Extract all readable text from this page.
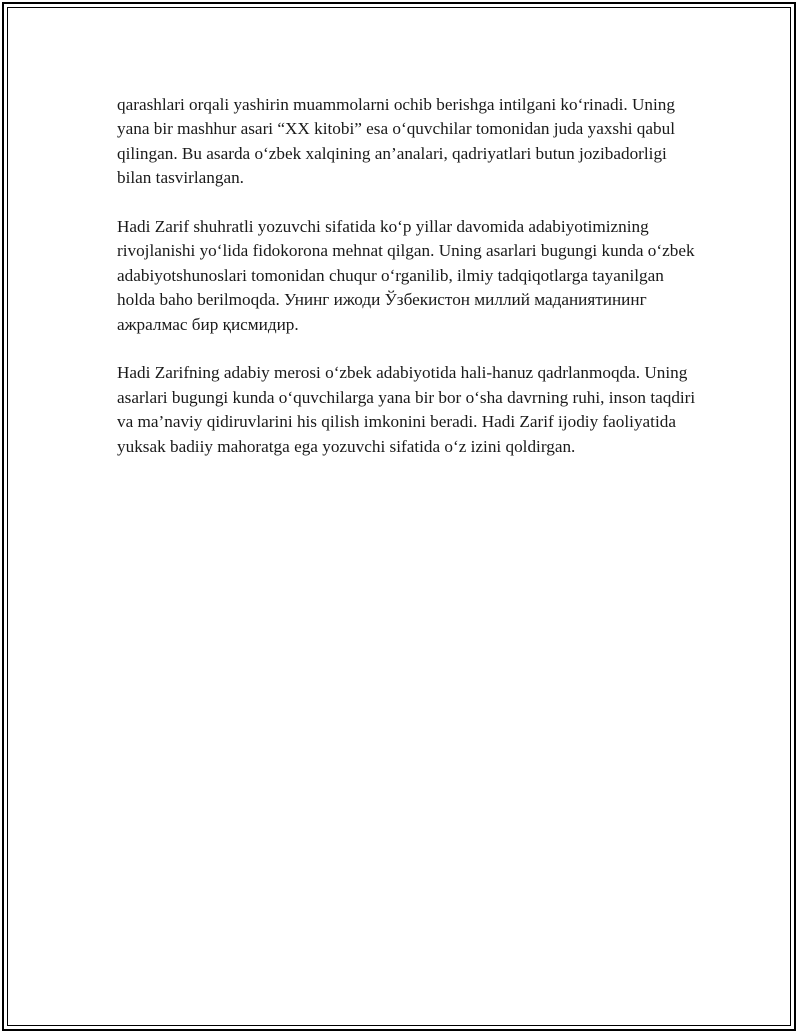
qarashlari orqali yashirin muammolarni ochib berishga intilgani ko‘rinadi. Uning yana bir mashhur asari “XX kitobi” esa o‘quvchilar tomonidan juda yaxshi qabul qilingan. Bu asarda o‘zbek xalqining an’analari, qadriyatlari butun jozibadorligi bilan tasvirlangan.

Hadi Zarif shuhratli yozuvchi sifatida ko‘p yillar davomida adabiyotimizning rivojlanishi yo‘lida fidokorona mehnat qilgan. Uning asarlari bugungi kunda o‘zbek adabiyotshunoslari tomonidan chuqur o‘rganilib, ilmiy tadqiqotlarga tayanilgan holda baho berilmoqda. Унинг ижоди Ўзбекистон миллий маданиятининг ажралмас бир қисмидир.

Hadi Zarifning adabiy merosi o‘zbek adabiyotida hali-hanuz qadrlanmoqda. Uning asarlari bugungi kunda o‘quvchilarga yana bir bor o‘sha davrning ruhi, inson taqdiri va ma’naviy qidiruvlarini his qilish imkonini beradi. Hadi Zarif ijodiy faoliyatida yuksak badiiy mahoratga ega yozuvchi sifatida o‘z izini qoldirgan.
